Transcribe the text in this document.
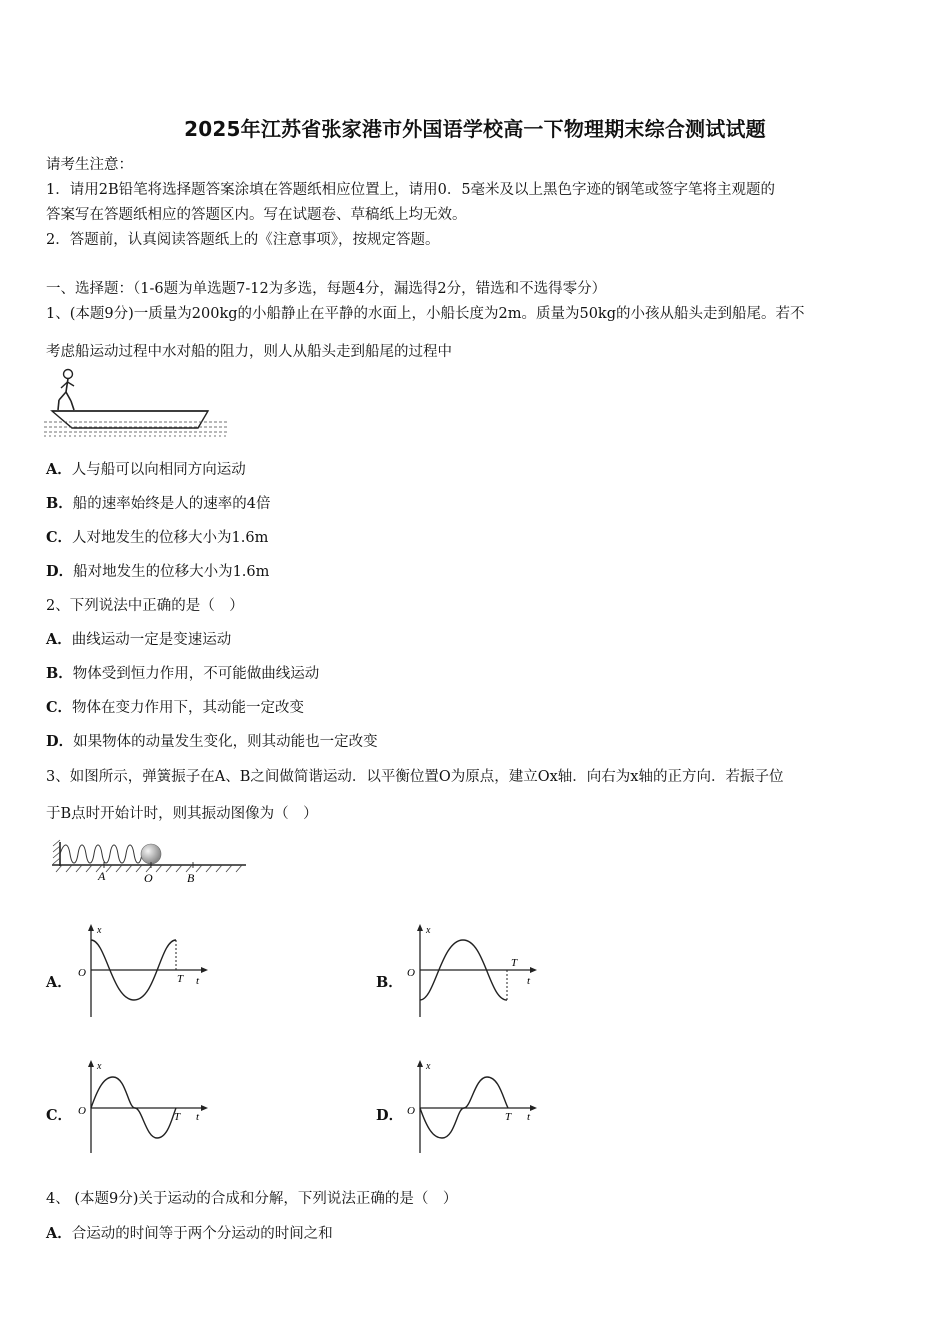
2025年江苏省张家港市外国语学校高一下物理期末综合测试试题
请考生注意：
1．请用2B铅笔将选择题答案涂填在答题纸相应位置上，请用0．5毫米及以上黑色字迹的钢笔或签字笔将主观题的
答案写在答题纸相应的答题区内。写在试题卷、草稿纸上均无效。
2．答题前，认真阅读答题纸上的《注意事项》，按规定答题。
一、选择题：（1-6题为单选题7-12为多选，每题4分，漏选得2分，错选和不选得零分）
1、(本题9分)一质量为200kg的小船静止在平静的水面上，小船长度为2m。质量为50kg的小孩从船头走到船尾。若不
考虑船运动过程中水对船的阻力，则人从船头走到船尾的过程中
A．人与船可以向相同方向运动
B．船的速率始终是人的速率的4倍
C．人对地发生的位移大小为1.6m
D．船对地发生的位移大小为1.6m
2、下列说法中正确的是（　）
A．曲线运动一定是变速运动
B．物体受到恒力作用，不可能做曲线运动
C．物体在变力作用下，其动能一定改变
D．如果物体的动量发生变化，则其动能也一定改变
3、如图所示，弹簧振子在A、B之间做简谐运动．以平衡位置O为原点，建立Ox轴．向右为x轴的正方向．若振子位
于B点时开始计时，则其振动图像为（　）
A	O	B
A．	B．
C．	D．
x
O	T t
x
O
T
t
x
O	T t
x
O	T t
4、 (本题9分)关于运动的合成和分解，下列说法正确的是（　）
A．合运动的时间等于两个分运动的时间之和
